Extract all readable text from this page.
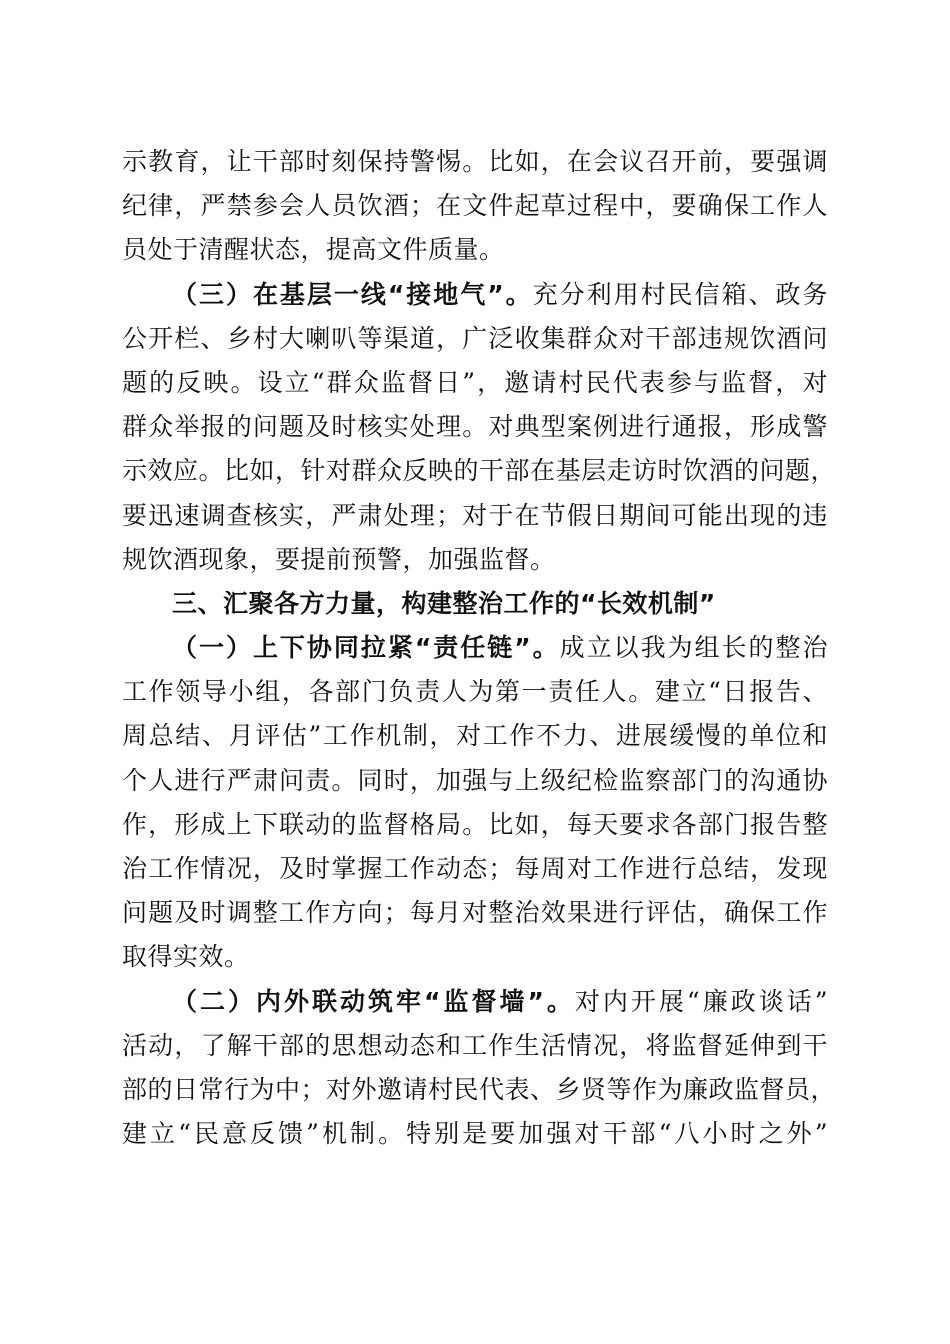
示教育，让干部时刻保持警惕。比如，在会议召开前，要强调
纪律，严禁参会人员饮酒；在文件起草过程中，要确保工作人
员处于清醒状态，提高文件质量。
（三）在基层一线“接地气”。充分利用村民信箱、政务
公开栏、乡村大喇叭等渠道，广泛收集群众对干部违规饮酒问
题的反映。设立“群众监督日”，邀请村民代表参与监督，对
群众举报的问题及时核实处理。对典型案例进行通报，形成警
示效应。比如，针对群众反映的干部在基层走访时饮酒的问题，
要迅速调查核实，严肃处理；对于在节假日期间可能出现的违
规饮酒现象，要提前预警，加强监督。
三、汇聚各方力量，构建整治工作的“长效机制”
（一）上下协同拉紧“责任链”。成立以我为组长的整治
工作领导小组，各部门负责人为第一责任人。建立“日报告、
周总结、月评估”工作机制，对工作不力、进展缓慢的单位和
个人进行严肃问责。同时，加强与上级纪检监察部门的沟通协
作，形成上下联动的监督格局。比如，每天要求各部门报告整
治工作情况，及时掌握工作动态；每周对工作进行总结，发现
问题及时调整工作方向；每月对整治效果进行评估，确保工作
取得实效。
（二）内外联动筑牢“监督墙”。对内开展“廉政谈话”
活动，了解干部的思想动态和工作生活情况，将监督延伸到干
部的日常行为中；对外邀请村民代表、乡贤等作为廉政监督员，
建立“民意反馈”机制。特别是要加强对干部“八小时之外”
